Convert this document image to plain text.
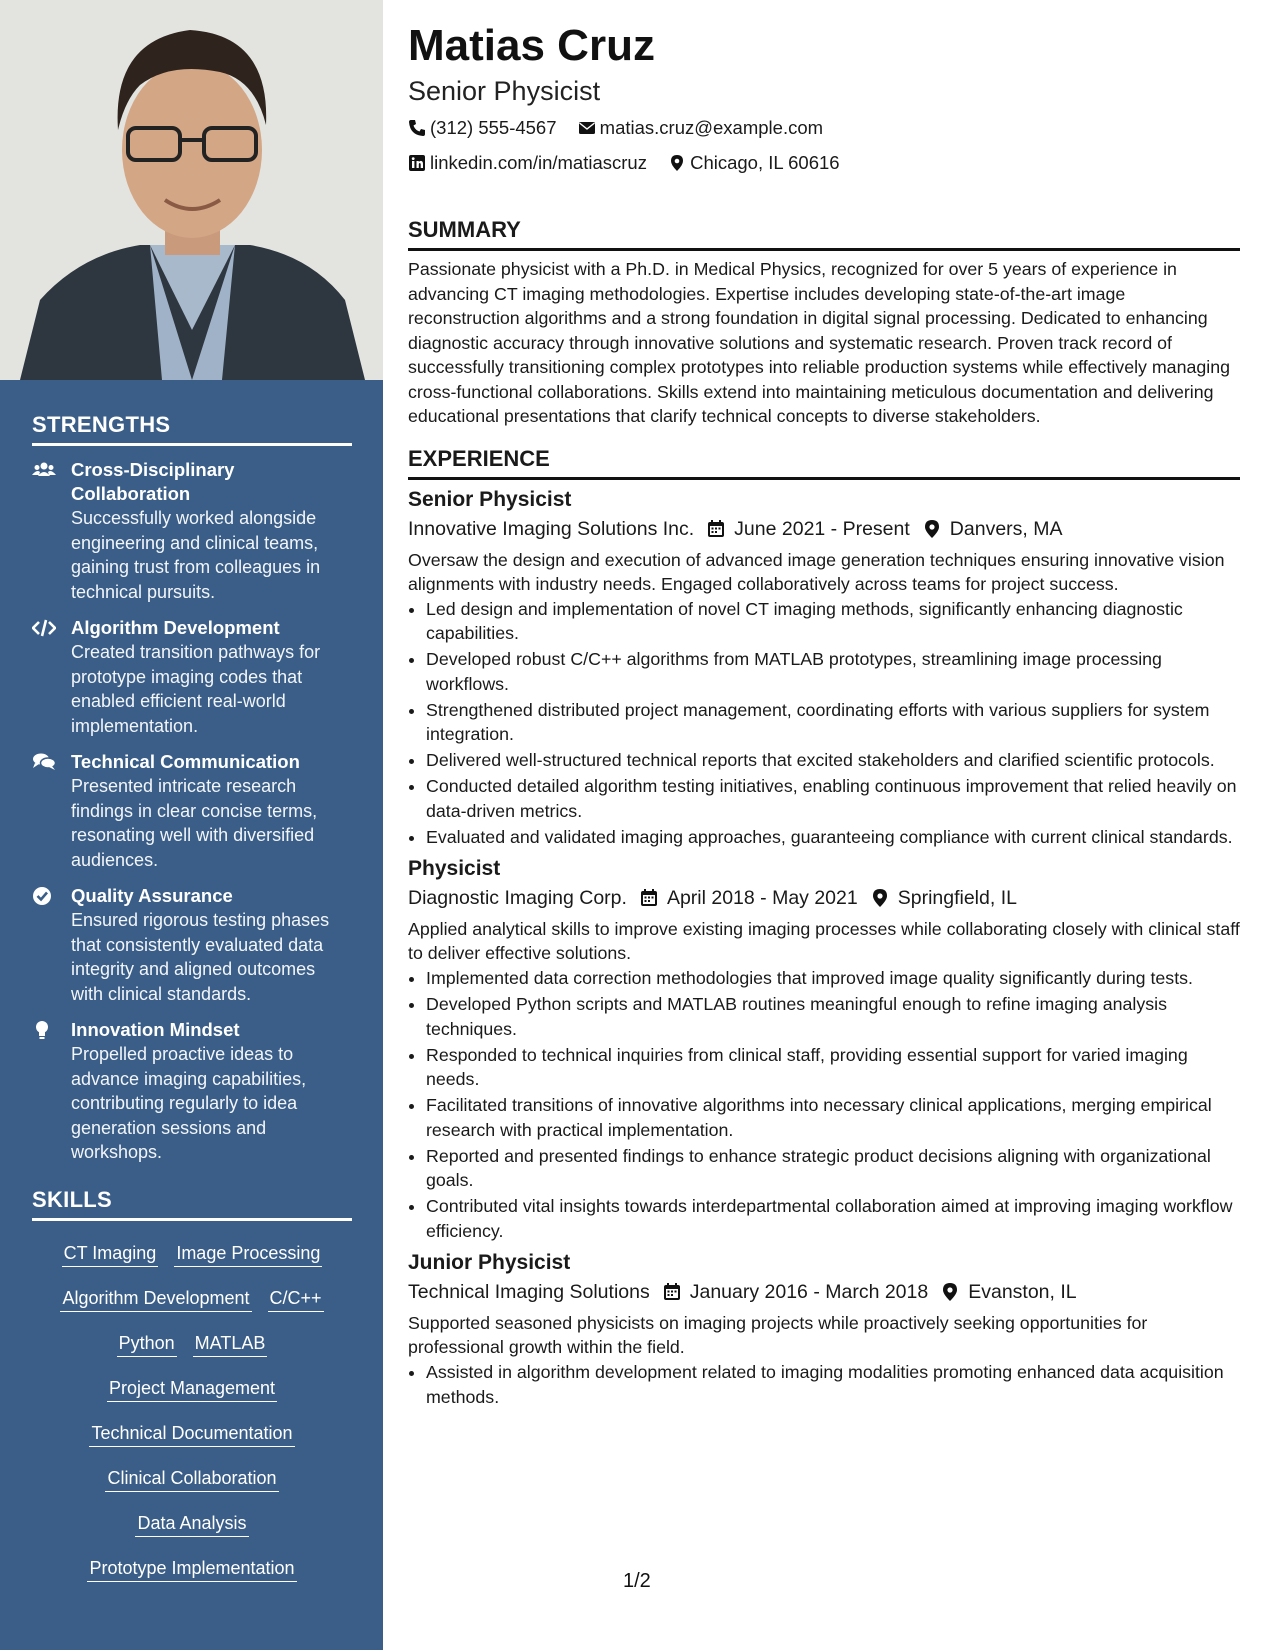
STRENGTHS
Cross-Disciplinary Collaboration
Successfully worked alongside engineering and clinical teams, gaining trust from colleagues in technical pursuits.
Algorithm Development
Created transition pathways for prototype imaging codes that enabled efficient real-world implementation.
Technical Communication
Presented intricate research findings in clear concise terms, resonating well with diversified audiences.
Quality Assurance
Ensured rigorous testing phases that consistently evaluated data integrity and aligned outcomes with clinical standards.
Innovation Mindset
Propelled proactive ideas to advance imaging capabilities, contributing regularly to idea generation sessions and workshops.
SKILLS
CT Imaging Image Processing
Algorithm Development C/C++
Python MATLAB
Project Management
Technical Documentation
Clinical Collaboration
Data Analysis
Prototype Implementation
Matias Cruz
Senior Physicist
(312) 555-4567
matias.cruz@example.com

linkedin.com/in/matiascruz
Chicago, IL 60616
SUMMARY

Passionate physicist with a Ph.D. in Medical Physics, recognized for over 5 years of experience in advancing CT imaging methodologies. Expertise includes developing state-of-the-art image reconstruction algorithms and a strong foundation in digital signal processing. Dedicated to enhancing diagnostic accuracy through innovative solutions and systematic research. Proven track record of successfully transitioning complex prototypes into reliable production systems while effectively managing cross-functional collaborations. Skills extend into maintaining meticulous documentation and delivering educational presentations that clarify technical concepts to diverse stakeholders.

EXPERIENCE
Senior Physicist
Innovative Imaging Solutions Inc. June 2021 - Present Danvers, MA
Oversaw the design and execution of advanced image generation techniques ensuring innovative vision alignments with industry needs. Engaged collaboratively across teams for project success.
• Led design and implementation of novel CT imaging methods, significantly enhancing diagnostic capabilities.
• Developed robust C/C++ algorithms from MATLAB prototypes, streamlining image processing workflows.
• Strengthened distributed project management, coordinating efforts with various suppliers for system integration.
• Delivered well-structured technical reports that excited stakeholders and clarified scientific protocols.
• Conducted detailed algorithm testing initiatives, enabling continuous improvement that relied heavily on data-driven metrics.
• Evaluated and validated imaging approaches, guaranteeing compliance with current clinical standards.
Physicist
Diagnostic Imaging Corp. April 2018 - May 2021 Springfield, IL
Applied analytical skills to improve existing imaging processes while collaborating closely with clinical staff to deliver effective solutions.
• Implemented data correction methodologies that improved image quality significantly during tests.
• Developed Python scripts and MATLAB routines meaningful enough to refine imaging analysis techniques.
• Responded to technical inquiries from clinical staff, providing essential support for varied imaging needs.
• Facilitated transitions of innovative algorithms into necessary clinical applications, merging empirical research with practical implementation.
• Reported and presented findings to enhance strategic product decisions aligning with organizational goals.
• Contributed vital insights towards interdepartmental collaboration aimed at improving imaging workflow efficiency.
Junior Physicist
Technical Imaging Solutions January 2016 - March 2018 Evanston, IL
Supported seasoned physicists on imaging projects while proactively seeking opportunities for professional growth within the field.
• Assisted in algorithm development related to imaging modalities promoting enhanced data acquisition methods.
1/2
